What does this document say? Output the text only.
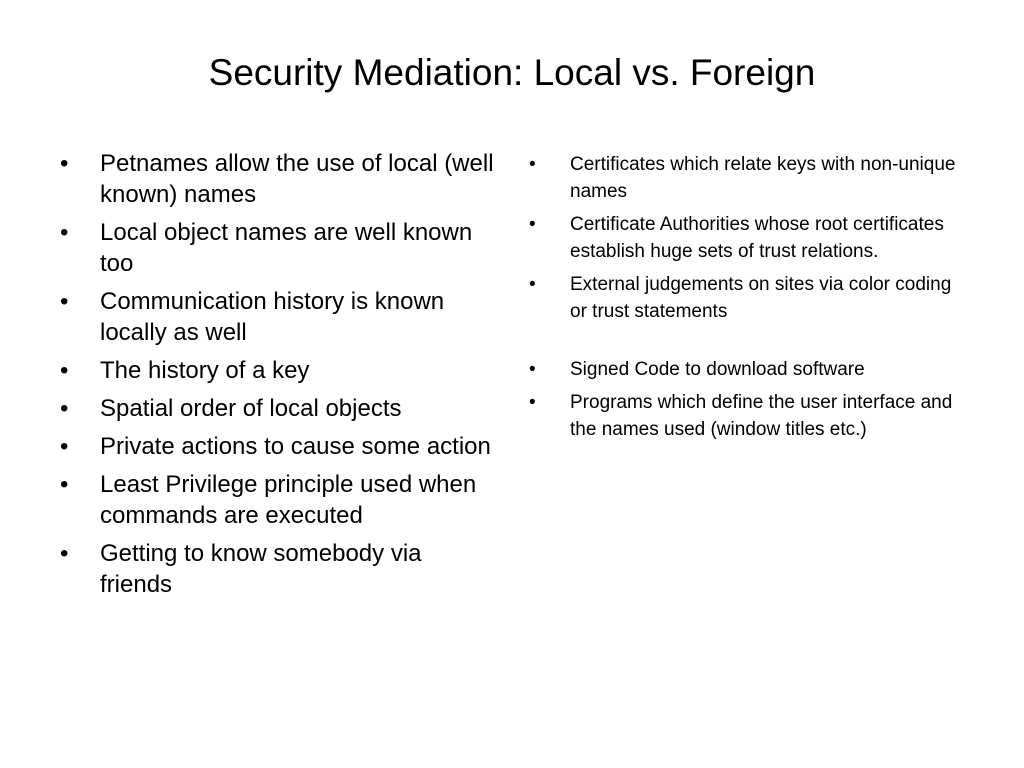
Security Mediation: Local vs. Foreign
• Petnames allow the use of local (well known) names
• Local object names are well known too
• Communication history is known locally as well
• The history of a key
• Spatial order of local objects
• Private actions to cause some action
• Least Privilege principle used when commands are executed
• Getting to know somebody via friends
• Certificates which relate keys with non-unique names
• Certificate Authorities whose root certificates establish huge sets of trust relations.
• External judgements on sites via color coding or trust statements
• Signed Code to download software
• Programs which define the user interface and the names used (window titles etc.)
